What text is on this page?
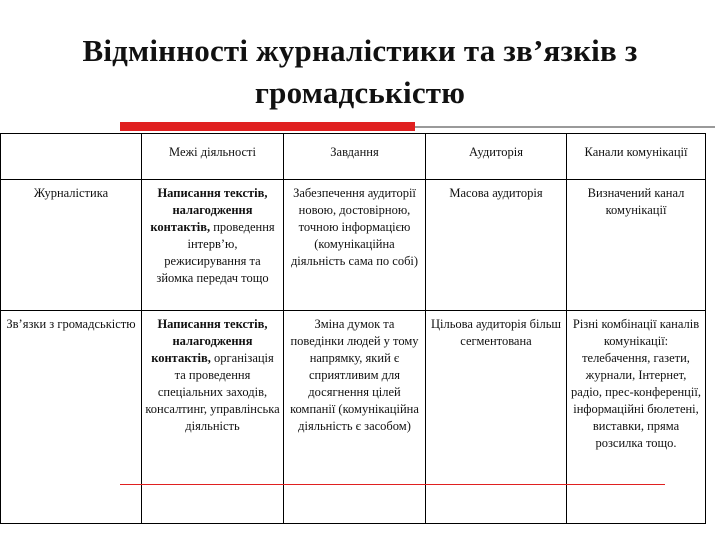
Відмінності журналістики та зв’язків з
громадськістю
	Межі діяльності	Завдання	Аудиторія	Канали комунікації
Журналістика	Написання текстів, налагодження контактів, проведення інтерв’ю, режисирування та зйомка передач тощо	Забезпечення аудиторії новою, достовірною, точною інформацією (комунікаційна діяльність сама по собі)	Масова аудиторія	Визначений канал комунікації
Зв’язки з громадськістю	Написання текстів, налагодження контактів, організація та проведення спеціальних заходів, консалтинг, управлінська діяльність	Зміна думок та поведінки людей у тому напрямку, який є сприятливим для досягнення цілей компанії (комунікаційна діяльність є засобом)	Цільова аудиторія більш сегментована	Різні комбінації каналів комунікації: телебачення, газети, журнали, Інтернет, радіо, прес-конференції, інформаційні бюлетені, виставки, пряма розсилка тощо.
